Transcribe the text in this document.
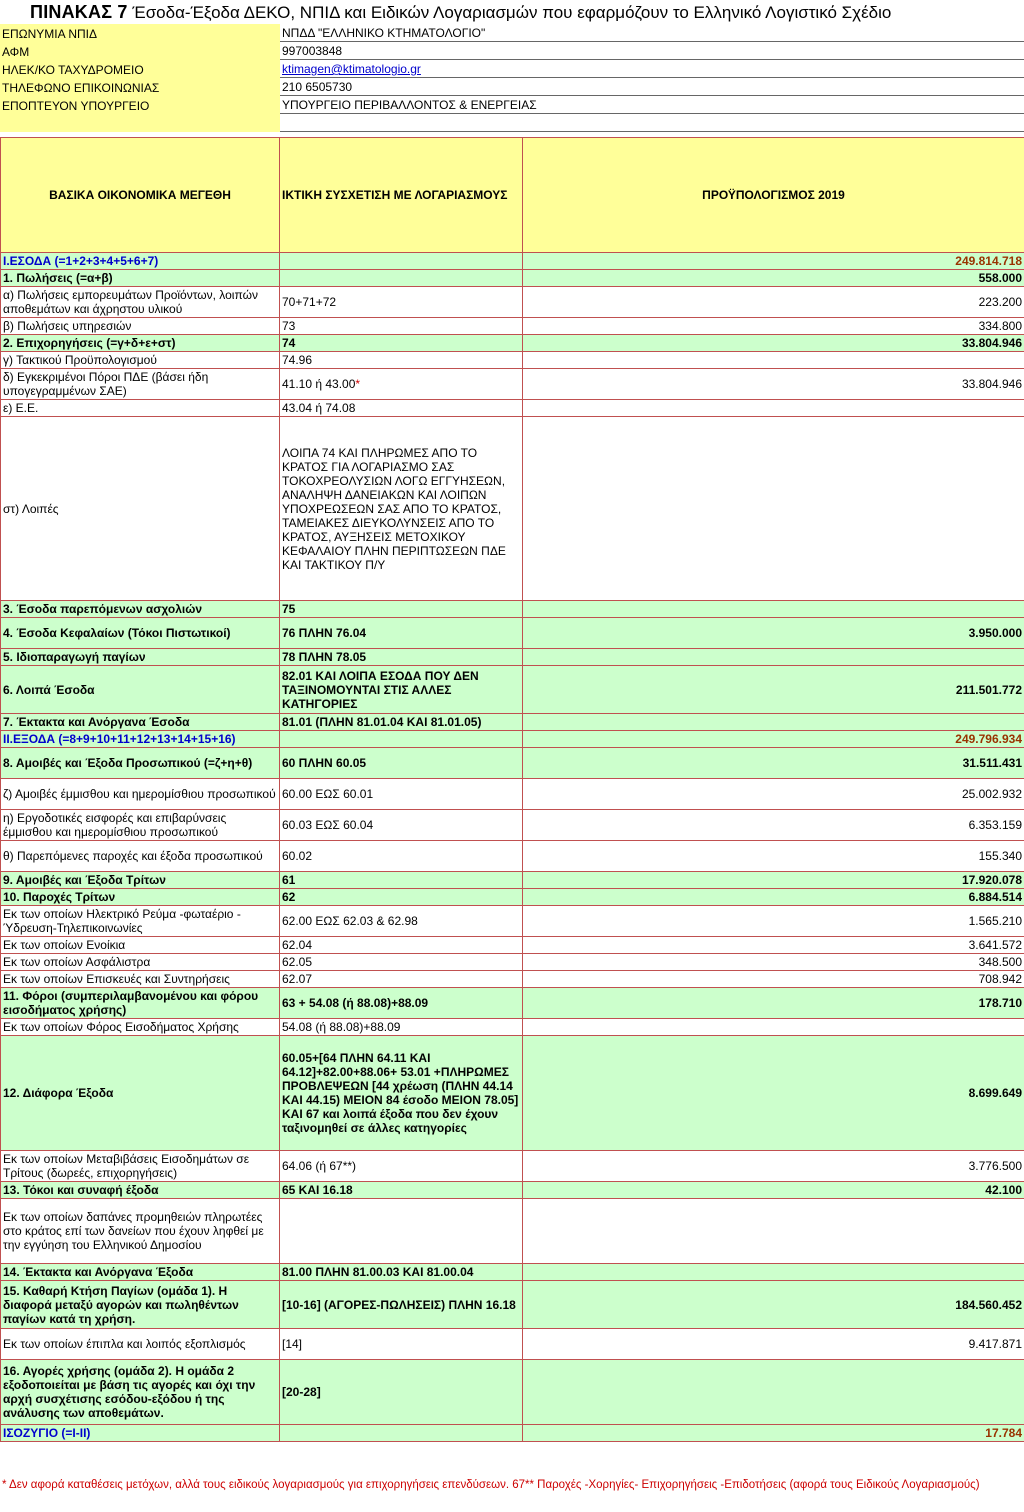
ΠΙΝΑΚΑΣ 7 Έσοδα-Έξοδα ΔΕΚΟ, ΝΠΙΔ και Ειδικών Λογαριασμών που εφαρμόζουν το Ελληνικό Λογιστικό Σχέδιο
ΕΠΩΝΥΜΙΑ ΝΠΙΔ	ΝΠΔΔ "ΕΛΛΗΝΙΚΟ ΚΤΗΜΑΤΟΛΟΓΙΟ"
ΑΦΜ	997003848
ΗΛΕΚ/ΚΟ ΤΑΧΥΔΡΟΜΕΙΟ	ktimagen@ktimatologio.gr
ΤΗΛΕΦΩΝΟ ΕΠΙΚΟΙΝΩΝΙΑΣ	210 6505730
ΕΠΟΠΤΕΥΟΝ ΥΠΟΥΡΓΕΙΟ	ΥΠΟΥΡΓΕΙΟ ΠΕΡΙΒΑΛΛΟΝΤΟΣ & ΕΝΕΡΓΕΙΑΣ

ΒΑΣΙΚΑ ΟΙΚΟΝΟΜΙΚΑ ΜΕΓΕΘΗ	ΙΚΤΙΚΗ ΣΥΣΧΕΤΙΣΗ ΜΕ ΛΟΓΑΡΙΑΣΜΟΥΣ	ΠΡΟΫΠΟΛΟΓΙΣΜΟΣ 2019
Ι.ΕΣΟΔΑ (=1+2+3+4+5+6+7)		249.814.718
1. Πωλήσεις (=α+β)		558.000
α) Πωλήσεις εμπορευμάτων Προϊόντων, λοιπών αποθεμάτων και άχρηστου υλικού	70+71+72	223.200
β) Πωλήσεις υπηρεσιών	73	334.800
2. Επιχορηγήσεις (=γ+δ+ε+στ)	74	33.804.946
γ) Τακτικού Προϋπολογισμού	74.96	
δ) Εγκεκριμένοι Πόροι ΠΔΕ (βάσει ήδη υπογεγραμμένων ΣΑΕ)	41.10 ή 43.00*	33.804.946
ε) Ε.Ε.	43.04 ή 74.08	
στ) Λοιπές	ΛΟΙΠΑ 74 ΚΑΙ ΠΛΗΡΩΜΕΣ ΑΠΟ ΤΟ ΚΡΑΤΟΣ ΓΙΑ ΛΟΓΑΡΙΑΣΜΟ ΣΑΣ ΤΟΚΟΧΡΕΟΛΥΣΙΩΝ ΛΟΓΩ ΕΓΓΥΗΣΕΩΝ, ΑΝΑΛΗΨΗ ΔΑΝΕΙΑΚΩΝ ΚΑΙ ΛΟΙΠΩΝ ΥΠΟΧΡΕΩΣΕΩΝ ΣΑΣ ΑΠΟ ΤΟ ΚΡΑΤΟΣ, ΤΑΜΕΙΑΚΕΣ ΔΙΕΥΚΟΛΥΝΣΕΙΣ ΑΠΟ ΤΟ ΚΡΑΤΟΣ, ΑΥΞΗΣΕΙΣ ΜΕΤΟΧΙΚΟΥ ΚΕΦΑΛΑΙΟΥ ΠΛΗΝ ΠΕΡΙΠΤΩΣΕΩΝ ΠΔΕ ΚΑΙ ΤΑΚΤΙΚΟΥ Π/Υ	
3. Έσοδα παρεπόμενων ασχολιών	75	
4. Έσοδα Κεφαλαίων (Τόκοι Πιστωτικοί)	76 ΠΛΗΝ 76.04	3.950.000
5. Ιδιοπαραγωγή παγίων	78 ΠΛΗΝ 78.05	
6. Λοιπά Έσοδα	82.01 ΚΑΙ ΛΟΙΠΑ ΕΣΟΔΑ ΠΟΥ ΔΕΝ ΤΑΞΙΝΟΜΟΥΝΤΑΙ ΣΤΙΣ ΑΛΛΕΣ ΚΑΤΗΓΟΡΙΕΣ	211.501.772
7. Έκτακτα και Ανόργανα Έσοδα	81.01 (ΠΛΗΝ 81.01.04 ΚΑΙ 81.01.05)	
ΙΙ.ΕΞΟΔΑ (=8+9+10+11+12+13+14+15+16)		249.796.934
8. Αμοιβές και Έξοδα Προσωπικού (=ζ+η+θ)	60 ΠΛΗΝ 60.05	31.511.431
ζ) Αμοιβές έμμισθου και ημερομίσθιου προσωπικού	60.00 ΕΩΣ 60.01	25.002.932
η) Εργοδοτικές εισφορές και επιβαρύνσεις έμμισθου και ημερομίσθιου προσωπικού	60.03 ΕΩΣ 60.04	6.353.159
θ) Παρεπόμενες παροχές και έξοδα προσωπικού	60.02	155.340
9. Αμοιβές και Έξοδα Τρίτων	61	17.920.078
10. Παροχές Τρίτων	62	6.884.514
Εκ των οποίων Ηλεκτρικό Ρεύμα -φωταέριο - Ύδρευση-Τηλεπικοινωνίες	62.00 ΕΩΣ 62.03 & 62.98	1.565.210
Εκ των οποίων Ενοίκια	62.04	3.641.572
Εκ των οποίων Ασφάλιστρα	62.05	348.500
Εκ των οποίων Επισκευές και Συντηρήσεις	62.07	708.942
11. Φόροι (συμπεριλαμβανομένου και φόρου εισοδήματος χρήσης)	63 + 54.08 (ή 88.08)+88.09	178.710
Εκ των οποίων Φόρος Εισοδήματος Χρήσης	54.08 (ή 88.08)+88.09	
12. Διάφορα Έξοδα	60.05+[64 ΠΛΗΝ 64.11 ΚΑΙ 64.12]+82.00+88.06+ 53.01 +ΠΛΗΡΩΜΕΣ ΠΡΟΒΛΕΨΕΩΝ [44 χρέωση (ΠΛΗΝ 44.14 ΚΑΙ 44.15) ΜΕΙΟΝ 84 έσοδο ΜΕΙΟΝ 78.05] ΚΑΙ 67 και λοιπά έξοδα που δεν έχουν ταξινομηθεί σε άλλες κατηγορίες	8.699.649
Εκ των οποίων Μεταβιβάσεις Εισοδημάτων σε Τρίτους (δωρεές, επιχορηγήσεις)	64.06 (ή 67**)	3.776.500
13. Τόκοι και συναφή έξοδα	65 ΚΑΙ 16.18	42.100
Εκ των οποίων δαπάνες προμηθειών πληρωτέες στο κράτος επί των δανείων που έχουν ληφθεί με την εγγύηση του Ελληνικού Δημοσίου		
14. Έκτακτα και Ανόργανα Έξοδα	81.00 ΠΛΗΝ 81.00.03 ΚΑΙ 81.00.04	
15. Καθαρή Κτήση Παγίων (ομάδα 1). Η διαφορά μεταξύ αγορών και πωληθέντων παγίων κατά τη χρήση.	[10-16] (ΑΓΟΡΕΣ-ΠΩΛΗΣΕΙΣ) ΠΛΗΝ 16.18	184.560.452
Εκ των οποίων έπιπλα και λοιπός εξοπλισμός	[14]	9.417.871
16. Αγορές χρήσης (ομάδα 2). Η ομάδα 2 εξοδοποιείται με βάση τις αγορές και όχι την αρχή συσχέτισης εσόδου-εξόδου ή της ανάλυσης των αποθεμάτων.	[20-28]	
ΙΣΟΖΥΓΙΟ (=Ι-ΙΙ)		17.784
* Δεν αφορά καταθέσεις μετόχων, αλλά τους ειδικούς λογαριασμούς για επιχορηγήσεις επενδύσεων. 67** Παροχές -Χορηγίες- Επιχορηγήσεις -Επιδοτήσεις (αφορά τους Ειδικούς Λογαριασμούς)
